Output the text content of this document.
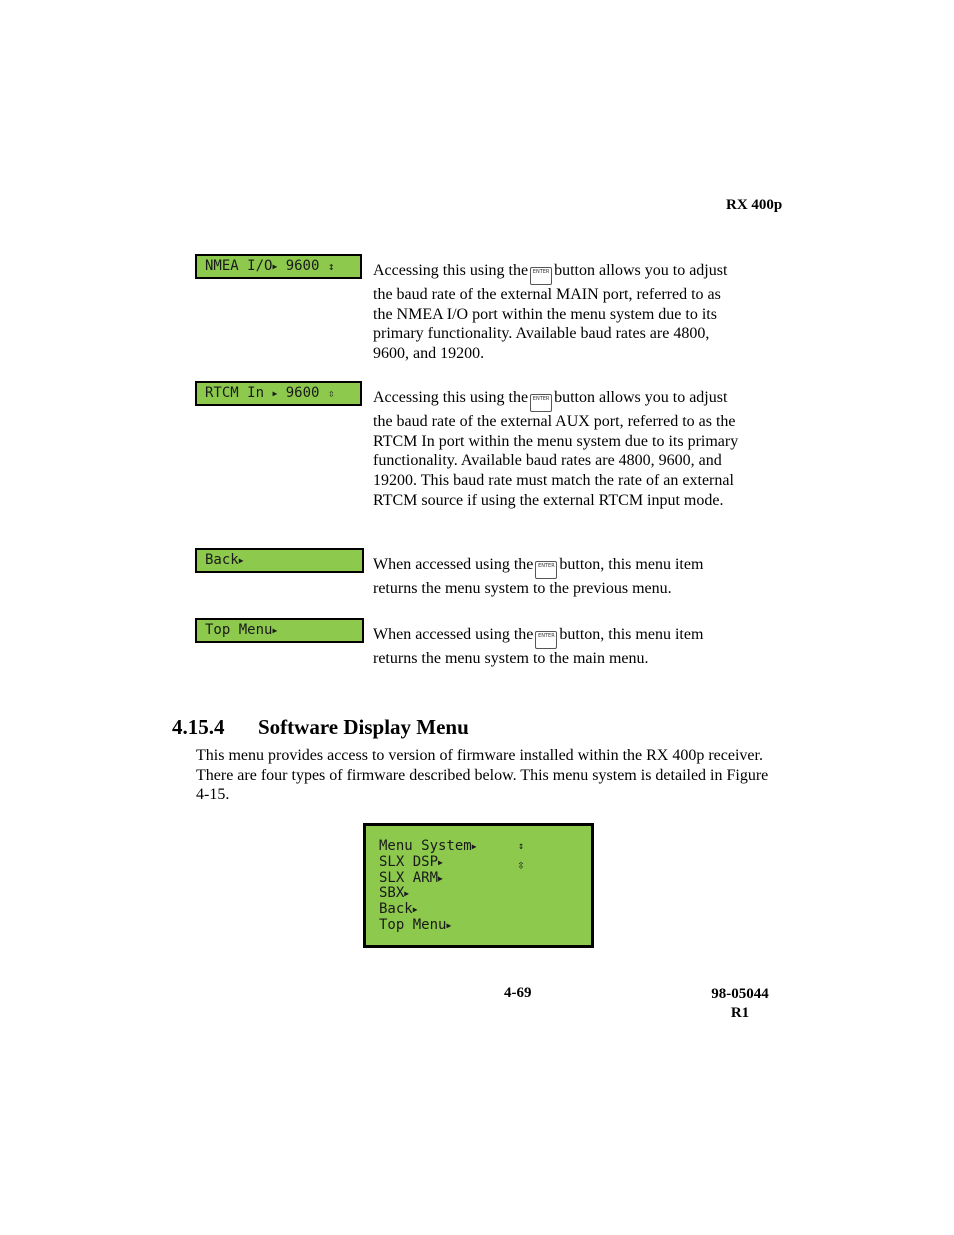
RX 400p
NMEA I/O▶ 9600 ↕	Accessing this using the ENTER button allows you to adjust the baud rate of the external MAIN port, referred to as the NMEA I/O port within the menu system due to its primary functionality. Available baud rates are 4800, 9600, and 19200.
RTCM In ▶ 9600 ⇳	Accessing this using the ENTER button allows you to adjust the baud rate of the external AUX port, referred to as the RTCM In port within the menu system due to its primary functionality. Available baud rates are 4800, 9600, and 19200. This baud rate must match the rate of an external RTCM source if using the external RTCM input mode.
Back▶	When accessed using the ENTER button, this menu item returns the menu system to the previous menu.
Top Menu▶	When accessed using the ENTER button, this menu item returns the menu system to the main menu.
4.15.4 Software Display Menu
This menu provides access to version of firmware installed within the RX 400p receiver. There are four types of firmware described below. This menu system is detailed in Figure 4-15.
Menu System▶
SLX DSP▶
SLX ARM▶
SBX▶
Back▶
Top Menu▶
↕
⇳
4-69	98-05044
R1
